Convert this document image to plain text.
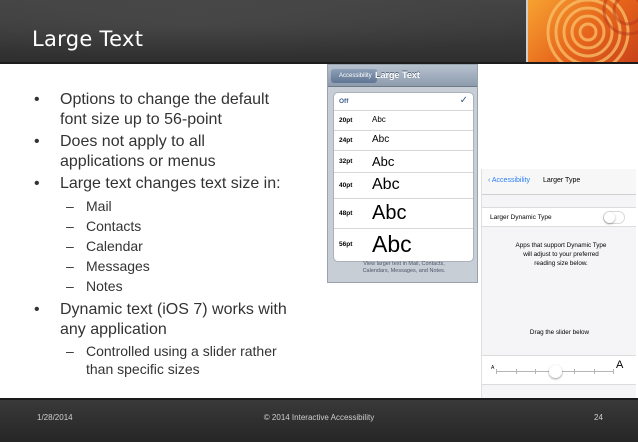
Large Text
• Options to change the default
font size up to 56-point
• Does not apply to all
applications or menus
• Large text changes text size in:
– Mail
– Contacts
– Calendar
– Messages
– Notes
• Dynamic text (iOS 7) works with
any application
– Controlled using a slider rather
than specific sizes
Accessibility Large Text
Off	✓
20pt Abc
24pt Abc
32pt Abc
40pt Abc
48pt Abc
56pt Abc
View larger text in Mail, Contacts,
Calendars, Messages, and Notes.
‹ Accessibility Larger Type
Larger Dynamic Type
Apps that support Dynamic Type
will adjust to your preferred
reading size below.
Drag the slider below
A	A
1/28/2014	© 2014 Interactive Accessibility	24
